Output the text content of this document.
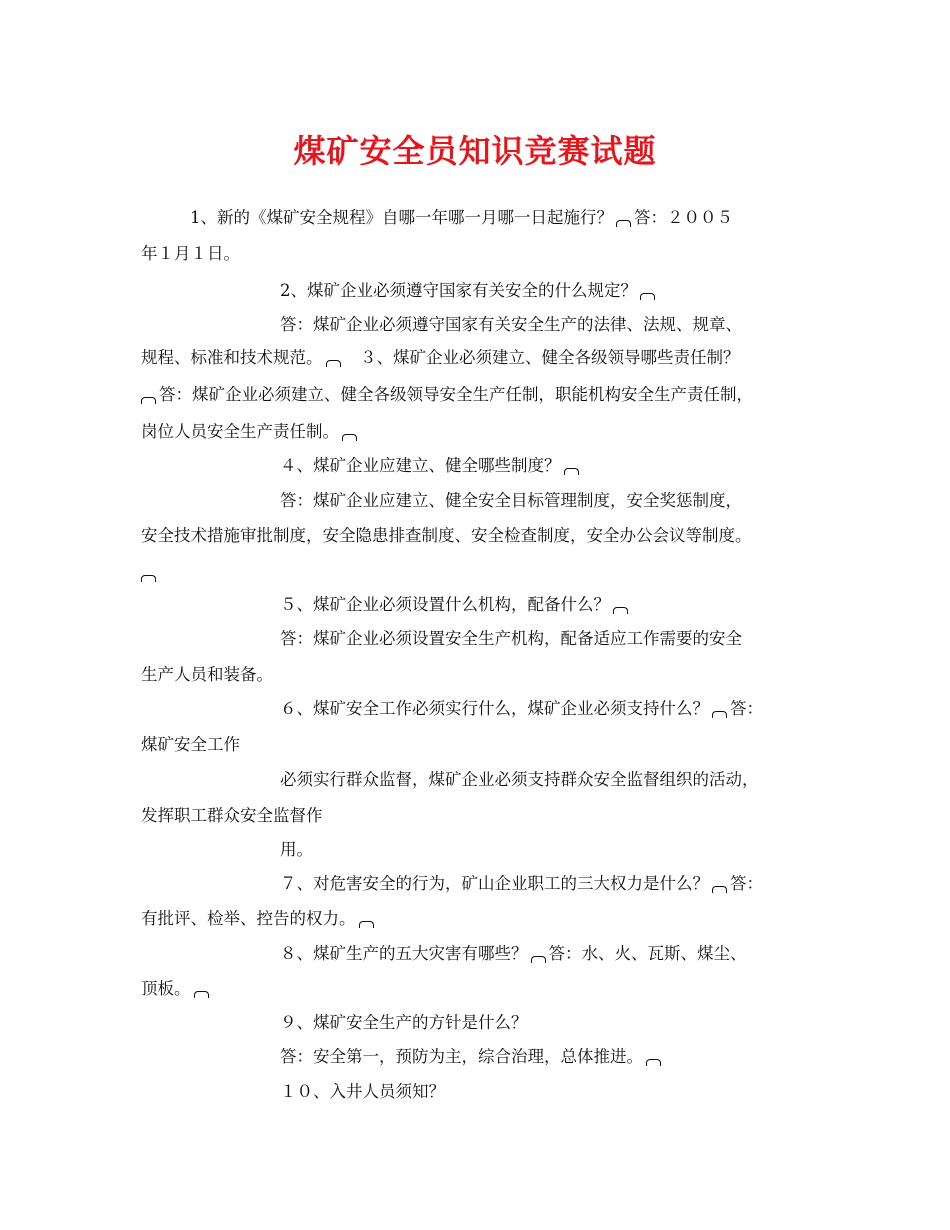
煤矿安全员知识竞赛试题
1、新的《煤矿安全规程》自哪一年哪一月哪一日起施行？ 答：２００５
年１月１日。
2、煤矿企业必须遵守国家有关安全的什么规定？
答：煤矿企业必须遵守国家有关安全生产的法律、法规、规章、
规程、标准和技术规范。　３、煤矿企业必须建立、健全各级领导哪些责任制？
答：煤矿企业必须建立、健全各级领导安全生产任制，职能机构安全生产责任制，
岗位人员安全生产责任制。
４、煤矿企业应建立、健全哪些制度？
答：煤矿企业应建立、健全安全目标管理制度，安全奖惩制度，
安全技术措施审批制度，安全隐患排查制度、安全检查制度，安全办公会议等制度。
５、煤矿企业必须设置什么机构，配备什么？
答：煤矿企业必须设置安全生产机构，配备适应工作需要的安全
生产人员和装备。
６、煤矿安全工作必须实行什么，煤矿企业必须支持什么？ 答：
煤矿安全工作
必须实行群众监督，煤矿企业必须支持群众安全监督组织的活动，
发挥职工群众安全监督作
用。
７、对危害安全的行为，矿山企业职工的三大权力是什么？ 答：
有批评、检举、控告的权力。
８、煤矿生产的五大灾害有哪些？ 答：水、火、瓦斯、煤尘、
顶板。
９、煤矿安全生产的方针是什么？
答：安全第一，预防为主，综合治理，总体推进。
１０、入井人员须知？
